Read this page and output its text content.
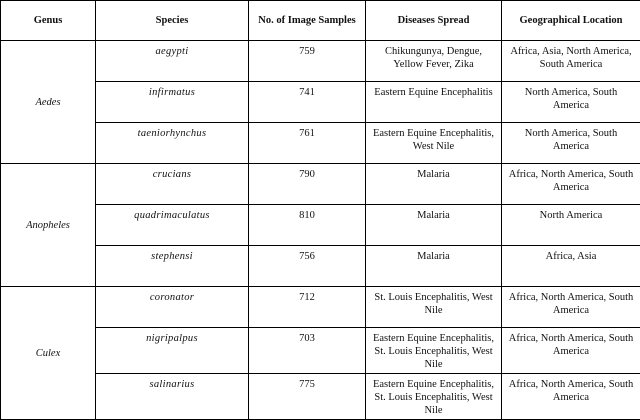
Genus	Species	No. of Image Samples	Diseases Spread	Geographical Location
Aedes	aegypti	759	Chikungunya, Dengue, Yellow Fever, Zika	Africa, Asia, North America, South America
	infirmatus	741	Eastern Equine Encephalitis	North America, South America
	taeniorhynchus	761	Eastern Equine Encephalitis, West Nile	North America, South America
Anopheles	crucians	790	Malaria	Africa, North America, South America
	quadrimaculatus	810	Malaria	North America
	stephensi	756	Malaria	Africa, Asia
Culex	coronator	712	St. Louis Encephalitis, West Nile	Africa, North America, South America
	nigripalpus	703	Eastern Equine Encephalitis, St. Louis Encephalitis, West Nile	Africa, North America, South America
	salinarius	775	Eastern Equine Encephalitis, St. Louis Encephalitis, West Nile	Africa, North America, South America
